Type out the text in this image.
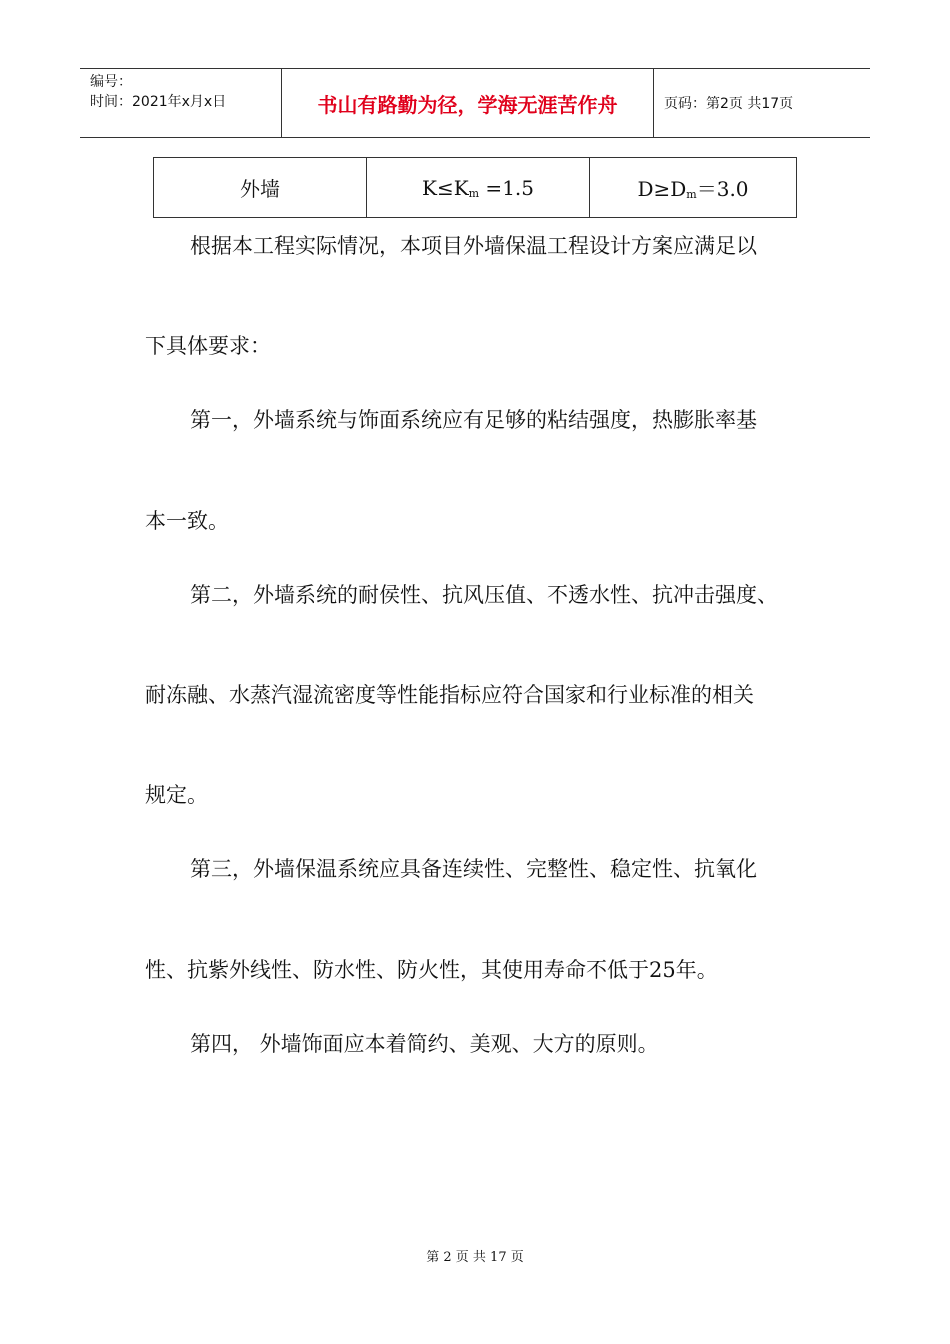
编号：
时间：2021年x月x日	书山有路勤为径，学海无涯苦作舟	页码：第2页 共17页
外墙	$K\le K_m =1.5$	$D\ge D_m=3.0$
根据本工程实际情况，本项目外墙保温工程设计方案应满足以
下具体要求：
第一，外墙系统与饰面系统应有足够的粘结强度，热膨胀率基
本一致。
第二，外墙系统的耐侯性、抗风压值、不透水性、抗冲击强度、
耐冻融、水蒸汽湿流密度等性能指标应符合国家和行业标准的相关
规定。
第三，外墙保温系统应具备连续性、完整性、稳定性、抗氧化
性、抗紫外线性、防水性、防火性，其使用寿命不低于25年。
第四， 外墙饰面应本着简约、美观、大方的原则。
第 2 页 共 17 页
